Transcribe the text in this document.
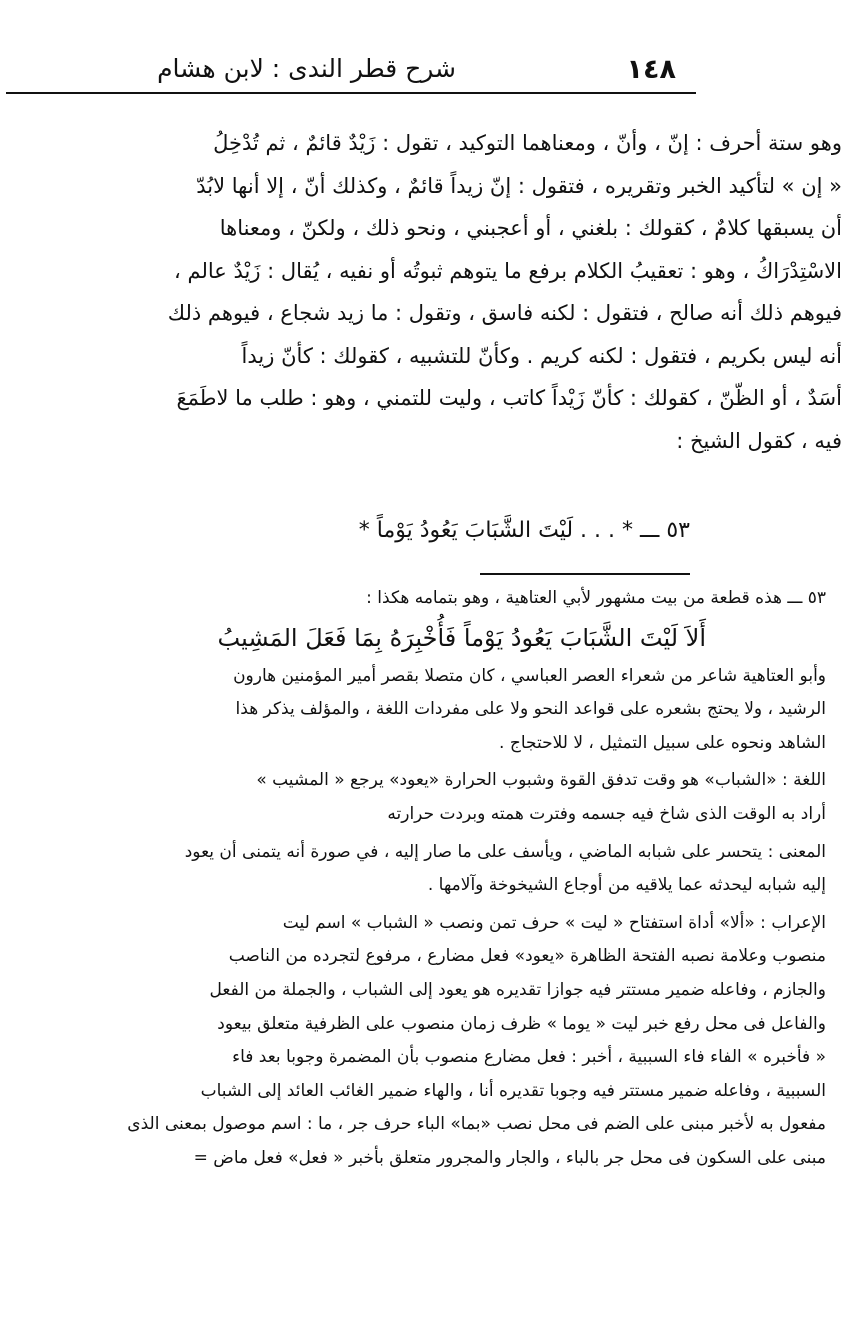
١٤٨
شرح قطر الندى : لابن هشام
وهو ستة أحرف : إنّ ، وأنّ ، ومعناهما التوكيد ، تقول : زَيْدٌ قائمٌ ، ثم تُدْخِلُ
« إن » لتأكيد الخبر وتقريره ، فتقول : إنّ زيداً قائمٌ ، وكذلك أنّ ، إلا أنها لابُدّ
أن يسبقها كلامٌ ، كقولك : بلغني ، أو أعجبني ، ونحو ذلك ، ولكنّ ، ومعناها
الاسْتِدْرَاكُ ، وهو : تعقيبُ الكلام برفع ما يتوهم ثبوتُه أو نفيه ، يُقال : زَيْدٌ عالم ،
فيوهم ذلك أنه صالح ، فتقول : لكنه فاسق ، وتقول : ما زيد شجاع ، فيوهم ذلك
أنه ليس بكريم ، فتقول : لكنه كريم . وكأنّ للتشبيه ، كقولك : كأنّ زيداً
أسَدٌ ، أو الظّنّ ، كقولك : كأنّ زَيْداً كاتب ، وليت للتمني ، وهو : طلب ما لاطَمَعَ
فيه ، كقول الشيخ :
٥٣ ـــ * . . . لَيْتَ الشَّبَابَ يَعُودُ يَوْماً *
٥٣ ـــ هذه قطعة من بيت مشهور لأبي العتاهية ، وهو بتمامه هكذا :
أَلاَ لَيْتَ الشَّبَابَ يَعُودُ يَوْماً فَأُخْبِرَهُ بِمَا فَعَلَ المَشِيبُ
وأبو العتاهية شاعر من شعراء العصر العباسي ، كان متصلا بقصر أمير المؤمنين هارون
الرشيد ، ولا يحتج بشعره على قواعد النحو ولا على مفردات اللغة ، والمؤلف يذكر هذا
الشاهد ونحوه على سبيل التمثيل ، لا للاحتجاج .
اللغة : «الشباب» هو وقت تدفق القوة وشبوب الحرارة «يعود» يرجع « المشيب »
أراد به الوقت الذى شاخ فيه جسمه وفترت همته وبردت حرارته
المعنى : يتحسر على شبابه الماضي ، ويأسف على ما صار إليه ، في صورة أنه يتمنى أن يعود
إليه شبابه ليحدثه عما يلاقيه من أوجاع الشيخوخة وآلامها .
الإعراب : «ألا» أداة استفتاح « ليت » حرف تمن ونصب « الشباب » اسم ليت
منصوب وعلامة نصبه الفتحة الظاهرة «يعود» فعل مضارع ، مرفوع لتجرده من الناصب
والجازم ، وفاعله ضمير مستتر فيه جوازا تقديره هو يعود إلى الشباب ، والجملة من الفعل
والفاعل فى محل رفع خبر ليت « يوما » ظرف زمان منصوب على الظرفية متعلق بيعود
« فأخبره » الفاء فاء السببية ، أخبر : فعل مضارع منصوب بأن المضمرة وجوبا بعد فاء
السببية ، وفاعله ضمير مستتر فيه وجوبا تقديره أنا ، والهاء ضمير الغائب العائد إلى الشباب
مفعول به لأخبر مبنى على الضم فى محل نصب «بما» الباء حرف جر ، ما : اسم موصول بمعنى الذى
مبنى على السكون فى محل جر بالباء ، والجار والمجرور متعلق بأخبر « فعل» فعل ماض =
